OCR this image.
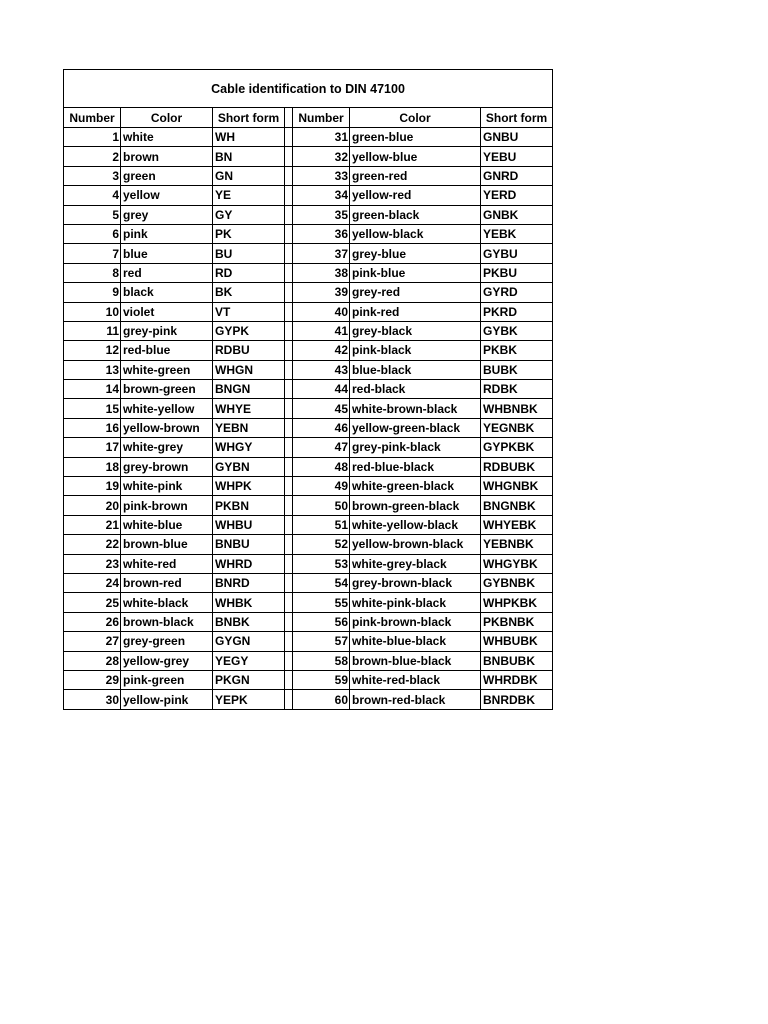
Cable identification to DIN 47100						
Number	Color	Short form		Number	Color	Short form
1	white	WH		31	green-blue	GNBU
2	brown	BN		32	yellow-blue	YEBU
3	green	GN		33	green-red	GNRD
4	yellow	YE		34	yellow-red	YERD
5	grey	GY		35	green-black	GNBK
6	pink	PK		36	yellow-black	YEBK
7	blue	BU		37	grey-blue	GYBU
8	red	RD		38	pink-blue	PKBU
9	black	BK		39	grey-red	GYRD
10	violet	VT		40	pink-red	PKRD
11	grey-pink	GYPK		41	grey-black	GYBK
12	red-blue	RDBU		42	pink-black	PKBK
13	white-green	WHGN		43	blue-black	BUBK
14	brown-green	BNGN		44	red-black	RDBK
15	white-yellow	WHYE		45	white-brown-black	WHBNBK
16	yellow-brown	YEBN		46	yellow-green-black	YEGNBK
17	white-grey	WHGY		47	grey-pink-black	GYPKBK
18	grey-brown	GYBN		48	red-blue-black	RDBUBK
19	white-pink	WHPK		49	white-green-black	WHGNBK
20	pink-brown	PKBN		50	brown-green-black	BNGNBK
21	white-blue	WHBU		51	white-yellow-black	WHYEBK
22	brown-blue	BNBU		52	yellow-brown-black	YEBNBK
23	white-red	WHRD		53	white-grey-black	WHGYBK
24	brown-red	BNRD		54	grey-brown-black	GYBNBK
25	white-black	WHBK		55	white-pink-black	WHPKBK
26	brown-black	BNBK		56	pink-brown-black	PKBNBK
27	grey-green	GYGN		57	white-blue-black	WHBUBK
28	yellow-grey	YEGY		58	brown-blue-black	BNBUBK
29	pink-green	PKGN		59	white-red-black	WHRDBK
30	yellow-pink	YEPK		60	brown-red-black	BNRDBK
